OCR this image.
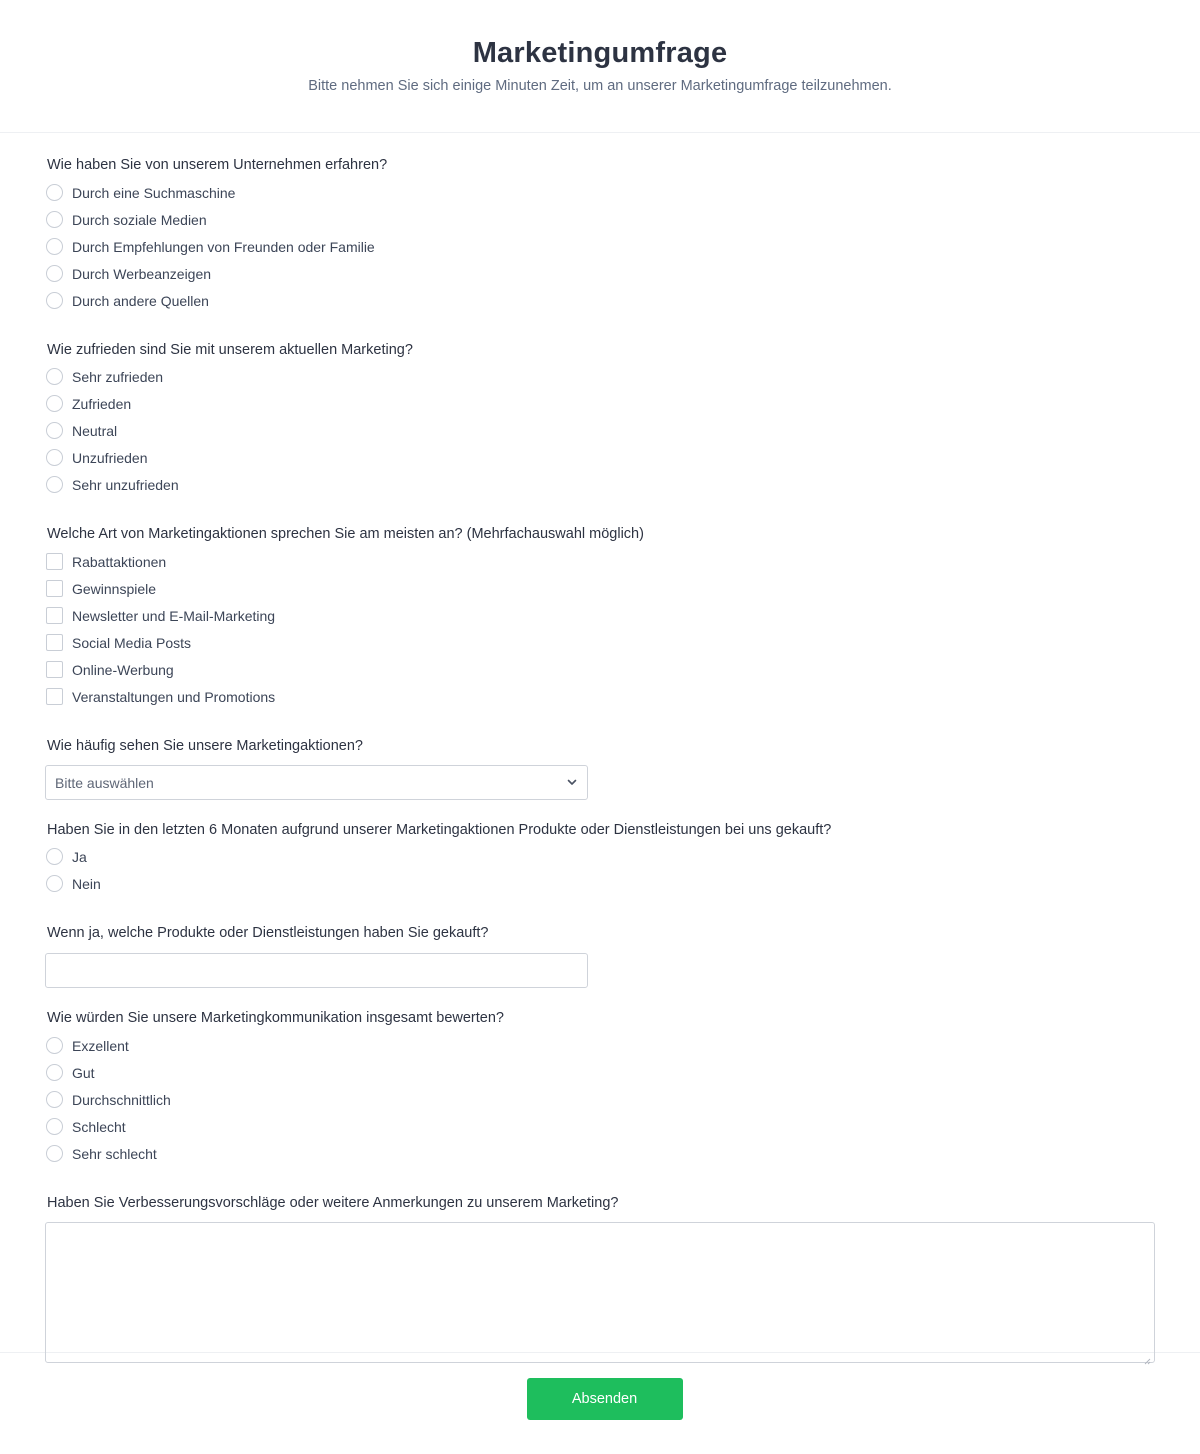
Marketingumfrage

Bitte nehmen Sie sich einige Minuten Zeit, um an unserer Marketingumfrage teilzunehmen.

Wie haben Sie von unserem Unternehmen erfahren?
Durch eine Suchmaschine
Durch soziale Medien
Durch Empfehlungen von Freunden oder Familie
Durch Werbeanzeigen
Durch andere Quellen
Wie zufrieden sind Sie mit unserem aktuellen Marketing?
Sehr zufrieden
Zufrieden
Neutral
Unzufrieden
Sehr unzufrieden
Welche Art von Marketingaktionen sprechen Sie am meisten an? (Mehrfachauswahl möglich)
Rabattaktionen
Gewinnspiele
Newsletter und E-Mail-Marketing
Social Media Posts
Online-Werbung
Veranstaltungen und Promotions
Wie häufig sehen Sie unsere Marketingaktionen?
Bitte auswählen
Haben Sie in den letzten 6 Monaten aufgrund unserer Marketingaktionen Produkte oder Dienstleistungen bei uns gekauft?
Ja
Nein
Wenn ja, welche Produkte oder Dienstleistungen haben Sie gekauft?
Wie würden Sie unsere Marketingkommunikation insgesamt bewerten?
Exzellent
Gut
Durchschnittlich
Schlecht
Sehr schlecht
Haben Sie Verbesserungsvorschläge oder weitere Anmerkungen zu unserem Marketing?
Absenden
